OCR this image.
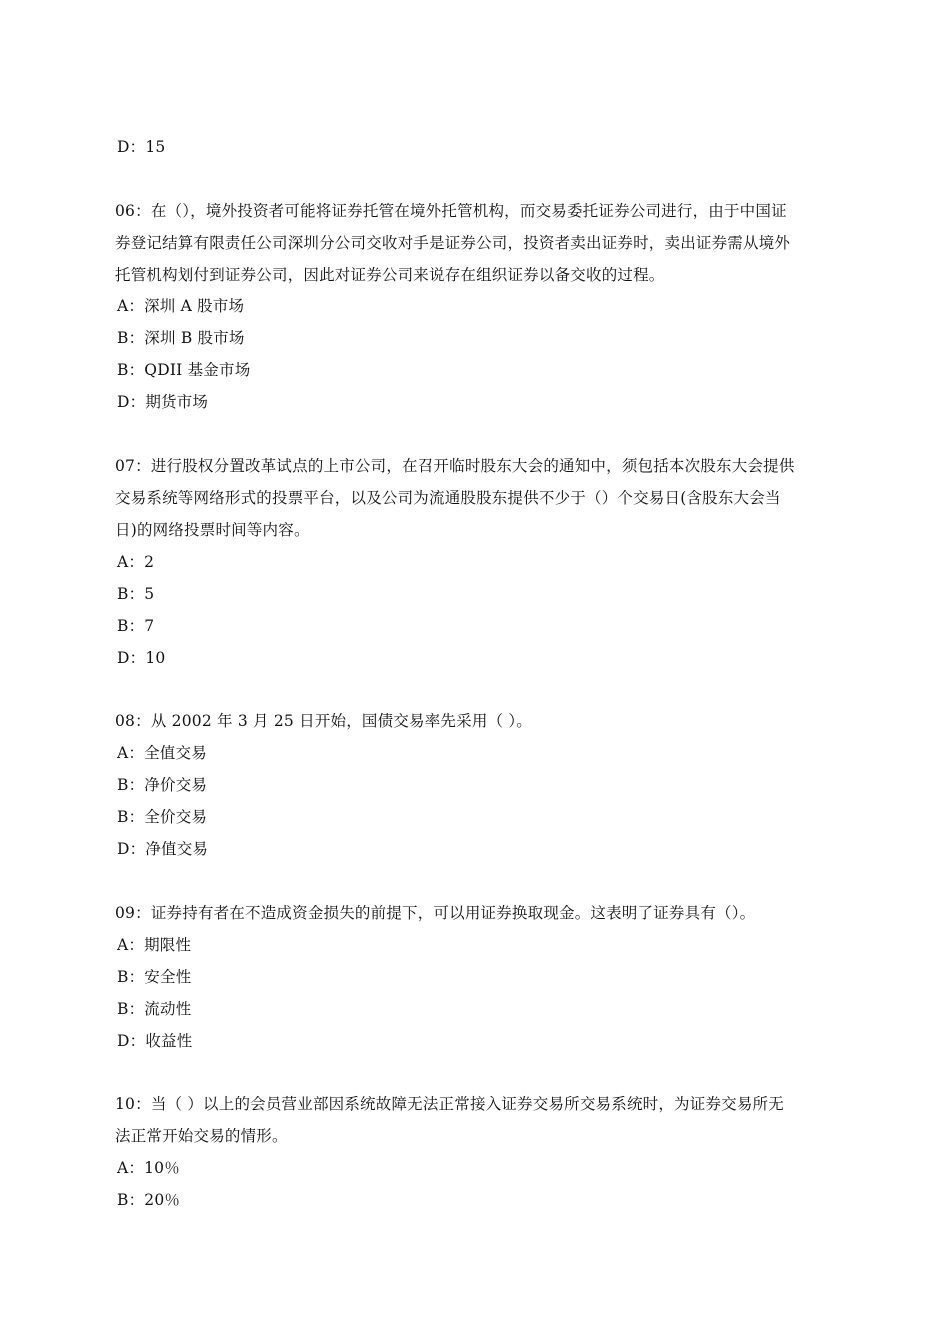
D：15
06：在（），境外投资者可能将证券托管在境外托管机构，而交易委托证券公司进行，由于中国证
券登记结算有限责任公司深圳分公司交收对手是证券公司，投资者卖出证券时，卖出证券需从境外
托管机构划付到证券公司，因此对证券公司来说存在组织证券以备交收的过程。
A：深圳 A 股市场
B：深圳 B 股市场
B：QDII 基金市场
D：期货市场
07：进行股权分置改革试点的上市公司，在召开临时股东大会的通知中，须包括本次股东大会提供
交易系统等网络形式的投票平台，以及公司为流通股股东提供不少于（）个交易日(含股东大会当
日)的网络投票时间等内容。
A：2
B：5
B：7
D：10
08：从 2002 年 3 月 25 日开始，国债交易率先采用（ ）。
A：全值交易
B：净价交易
B：全价交易
D：净值交易
09：证券持有者在不造成资金损失的前提下，可以用证券换取现金。这表明了证券具有（）。
A：期限性
B：安全性
B：流动性
D：收益性
10：当（ ）以上的会员营业部因系统故障无法正常接入证券交易所交易系统时，为证券交易所无
法正常开始交易的情形。
A：10％
B：20％
